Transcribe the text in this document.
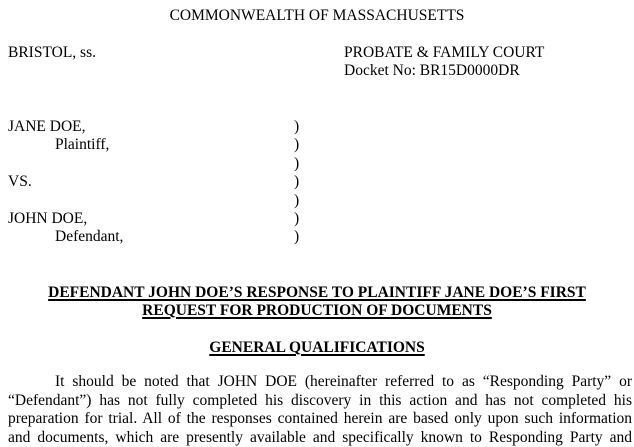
COMMONWEALTH OF MASSACHUSETTS
BRISTOL, ss.	PROBATE & FAMILY COURT
Docket No: BR15D0000DR
JANE DOE,
Plaintiff,
VS.
JOHN DOE,
Defendant,
)
)
)
)
)
)
)
DEFENDANT JOHN DOE’S RESPONSE TO PLAINTIFF JANE DOE’S FIRST
REQUEST FOR PRODUCTION OF DOCUMENTS
GENERAL QUALIFICATIONS
It should be noted that JOHN DOE (hereinafter referred to as “Responding Party” or
“Defendant”) has not fully completed his discovery in this action and has not completed his
preparation for trial. All of the responses contained herein are based only upon such information
and documents, which are presently available and specifically known to Responding Party and
